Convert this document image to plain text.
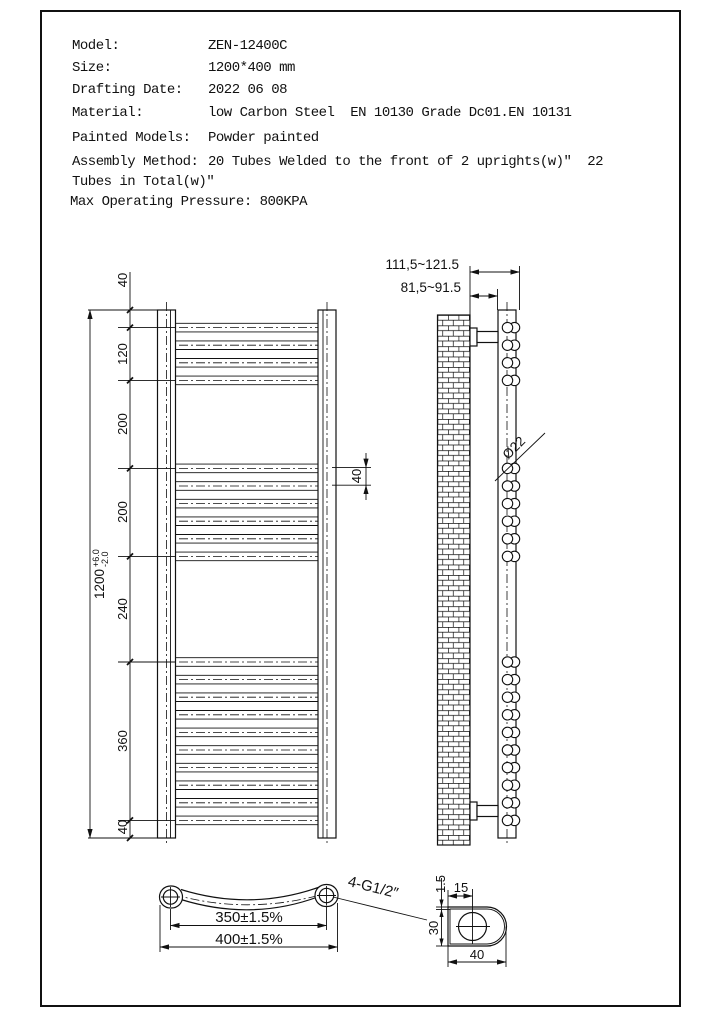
Model:

	ZEN-12400C

Size:

	1200*400 mm

Drafting Date:

2022 06 08

Material:

	low Carbon Steel  EN 10130 Grade Dc01.EN 10131

Painted Models:

Powder painted

Assembly Method:

20 Tubes Welded to the front of 2 uprights(w)″  22

Tubes in Total(w)″
Max Operating Pressure: 800KPA
40
120
200
200
240
360
40
1200
+6.0 -2.0
40
111,5~121.5
81,5~91.5
Ø22
350±1.5%
400±1.5%
4-G1/2″	15
1.5
30
40
